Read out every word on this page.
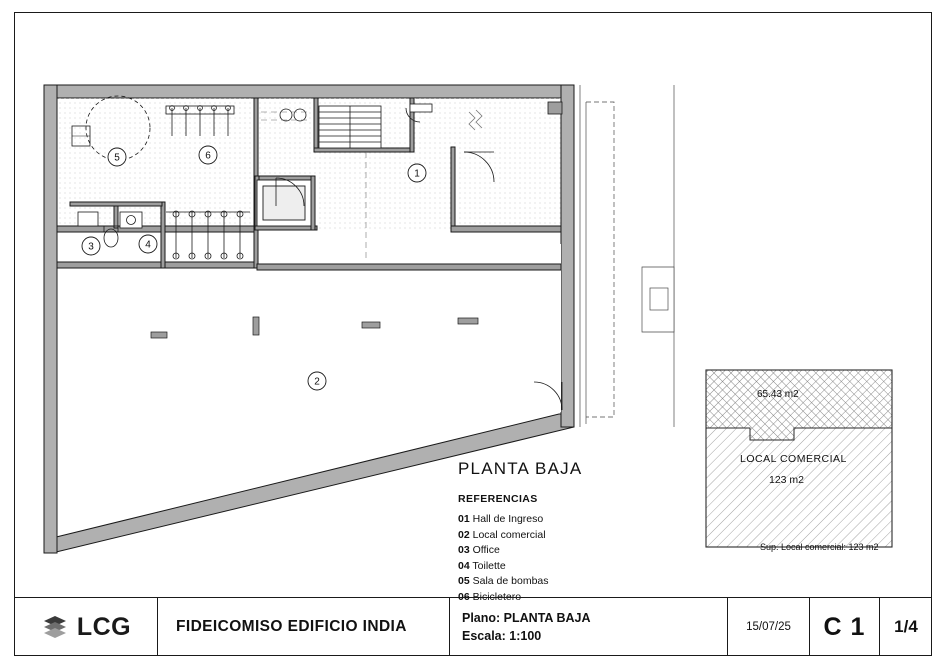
1
2
3	4
5	6
PLANTA BAJA
REFERENCIAS
01 Hall de Ingreso
02 Local comercial
03 Office
04 Toilette
05 Sala de bombas
06 Bicicletero
65.43 m2
LOCAL COMERCIAL
123 m2
Sup. Local comercial: 123 m2
LCG	FIDEICOMISO EDIFICIO INDIA
Plano: PLANTA BAJA
Escala: 1:100
15/07/25	C 1	1/4
